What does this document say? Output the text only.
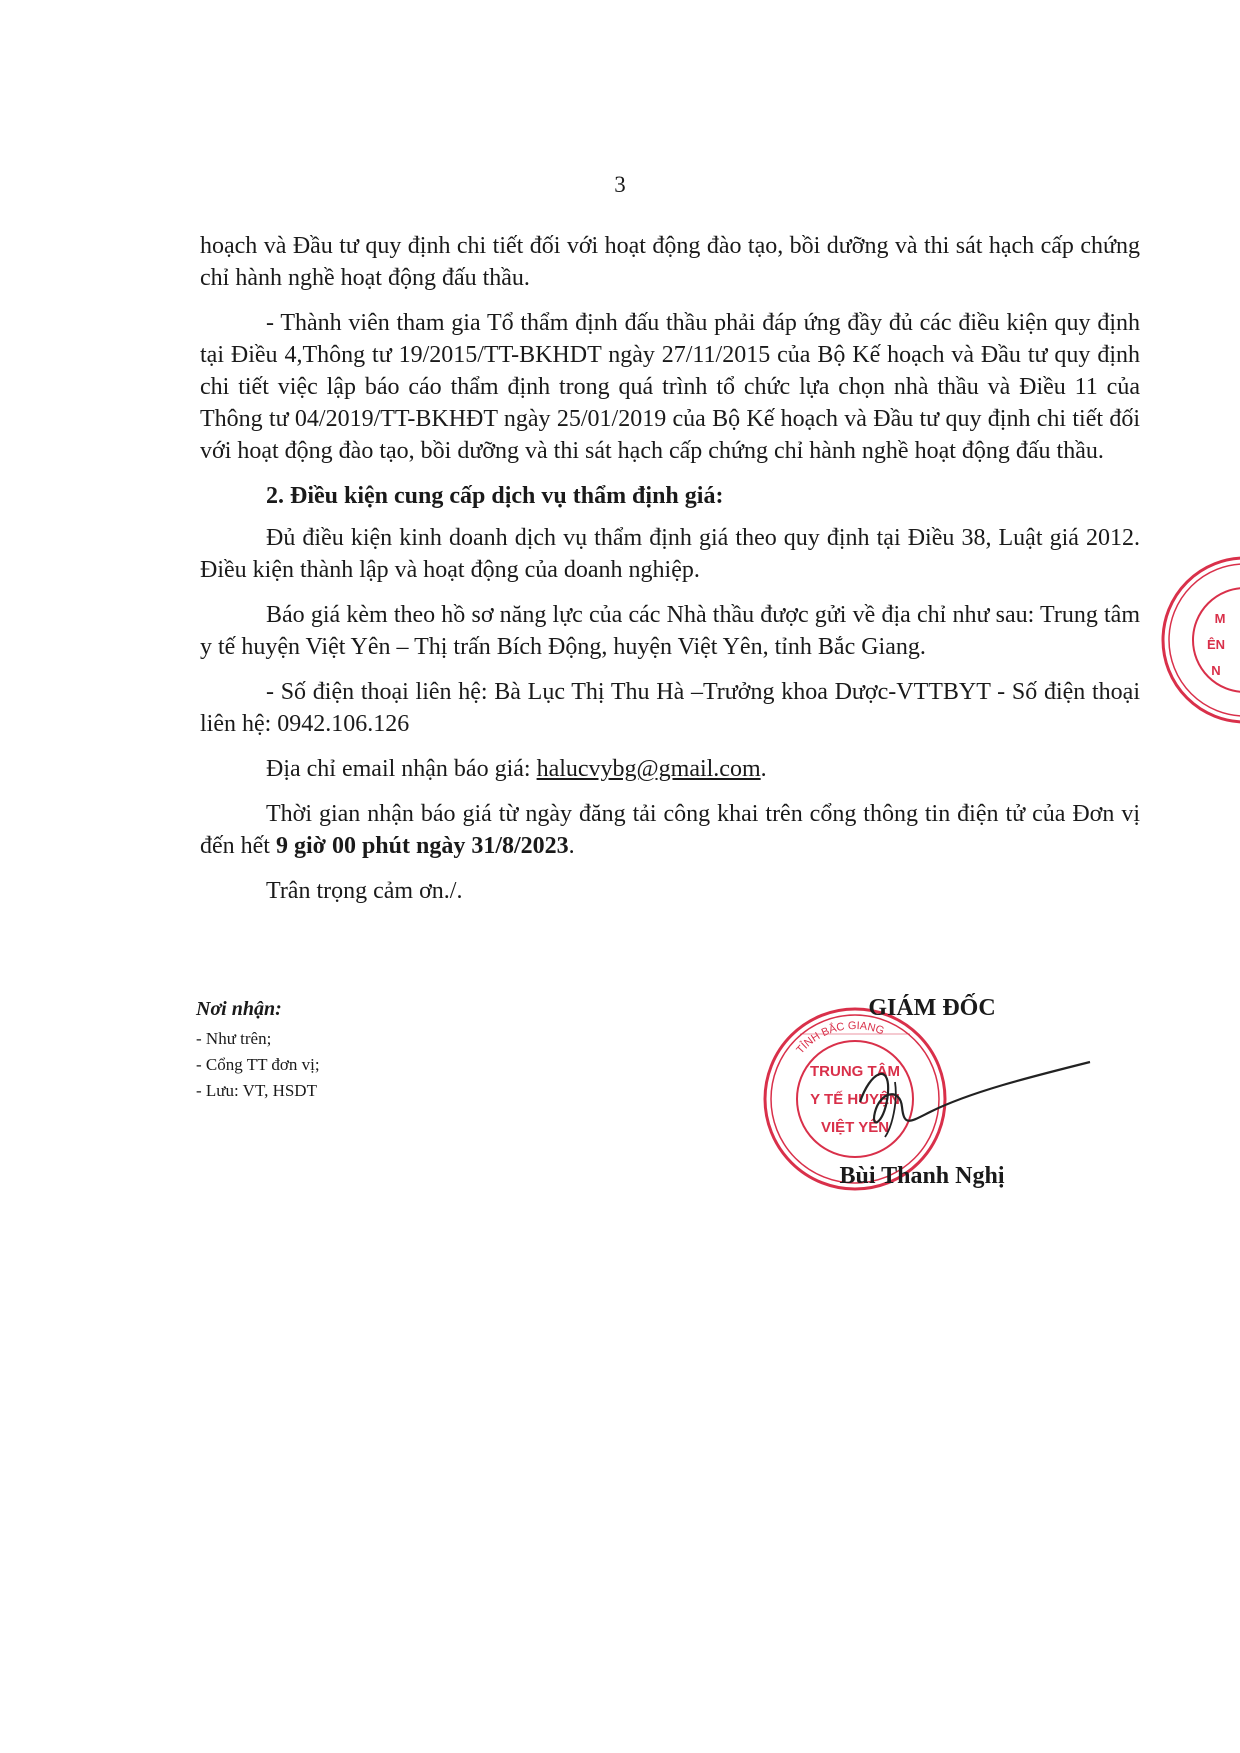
3

hoạch và Đầu tư quy định chi tiết đối với hoạt động đào tạo, bồi dưỡng và thi sát hạch cấp chứng chỉ hành nghề hoạt động đấu thầu.

- Thành viên tham gia Tổ thẩm định đấu thầu phải đáp ứng đầy đủ các điều kiện quy định tại Điều 4,Thông tư 19/2015/TT-BKHDT ngày 27/11/2015 của Bộ Kế hoạch và Đầu tư quy định chi tiết việc lập báo cáo thẩm định trong quá trình tổ chức lựa chọn nhà thầu và Điều 11 của Thông tư 04/2019/TT-BKHĐT ngày 25/01/2019 của Bộ Kế hoạch và Đầu tư quy định chi tiết đối với hoạt động đào tạo, bồi dưỡng và thi sát hạch cấp chứng chỉ hành nghề hoạt động đấu thầu.

2. Điều kiện cung cấp dịch vụ thẩm định giá:

Đủ điều kiện kinh doanh dịch vụ thẩm định giá theo quy định tại Điều 38, Luật giá 2012. Điều kiện thành lập và hoạt động của doanh nghiệp.

Báo giá kèm theo hồ sơ năng lực của các Nhà thầu được gửi về địa chỉ như sau: Trung tâm y tế huyện Việt Yên – Thị trấn Bích Động, huyện Việt Yên, tỉnh Bắc Giang.

- Số điện thoại liên hệ: Bà Lục Thị Thu Hà –Trưởng khoa Dược-VTTBYT - Số điện thoại liên hệ: 0942.106.126

Địa chỉ email nhận báo giá: halucvybg@gmail.com.

Thời gian nhận báo giá từ ngày đăng tải công khai trên cổng thông tin điện tử của Đơn vị đến hết 9 giờ 00 phút ngày 31/8/2023.

Trân trọng cảm ơn./.

Nơi nhận:
- Như trên;
- Cổng TT đơn vị;
- Lưu: VT, HSDT
TRUNG TÂM
Y TẾ HUYỆN
VIỆT YÊN
TỈNH BẮC GIANG
GIÁM ĐỐC
Bùi Thanh Nghị
M
ÊN
N
